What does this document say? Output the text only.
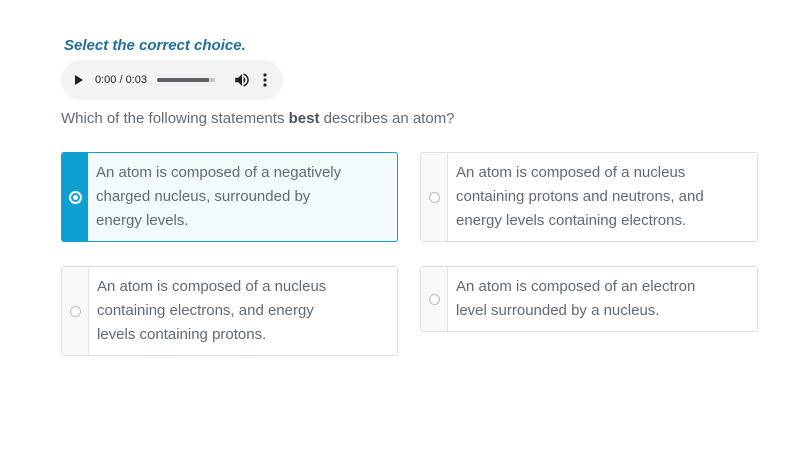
Select the correct choice.
0:00 / 0:03
Which of the following statements best describes an atom?
An atom is composed of a negatively
charged nucleus, surrounded by
energy levels.
An atom is composed of a nucleus
containing protons and neutrons, and
energy levels containing electrons.
An atom is composed of a nucleus
containing electrons, and energy
levels containing protons.
An atom is composed of an electron
level surrounded by a nucleus.
